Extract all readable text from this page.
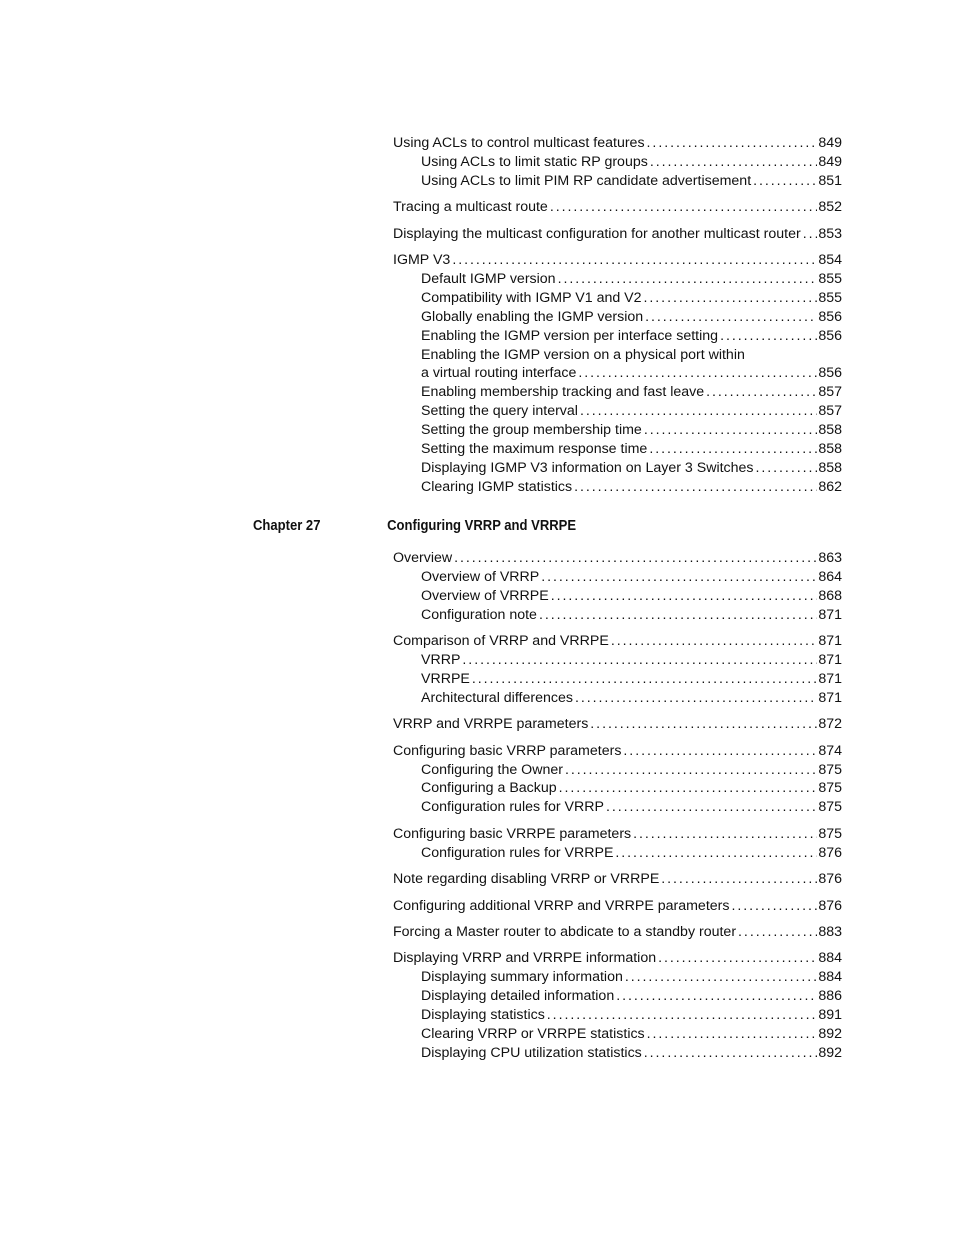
Using ACLs to control multicast features . . .	849
Using ACLs to limit static RP groups . . .	849
Using ACLs to limit PIM RP candidate advertisement . . .	851
Tracing a multicast route . . .	852
Displaying the multicast configuration for another multicast router . . . 853
IGMP V3 . . .	854
Default IGMP version . . .	855
Compatibility with IGMP V1 and V2 . . .	855
Globally enabling the IGMP version . . .	856
Enabling the IGMP version per interface setting . . .	856
Enabling the IGMP version on a physical port within
a virtual routing interface . . .	856
Enabling membership tracking and fast leave . . .	857
Setting the query interval . . .	857
Setting the group membership time . . .	858
Setting the maximum response time . . .	858
Displaying IGMP V3 information on Layer 3 Switches . . .	858
Clearing IGMP statistics . . .	862
Chapter 27	Configuring VRRP and VRRPE
Overview . . .	863
Overview of VRRP . . .	864
Overview of VRRPE . . .	868
Configuration note . . .	871
Comparison of VRRP and VRRPE . . .	871
VRRP . . .	871
VRRPE . . .	871
Architectural differences . . .	871
VRRP and VRRPE parameters . . .	872
Configuring basic VRRP parameters . . .	874
Configuring the Owner . . .	875
Configuring a Backup . . .	875
Configuration rules for VRRP . . .	875
Configuring basic VRRPE parameters . . .	875
Configuration rules for VRRPE . . .	876
Note regarding disabling VRRP or VRRPE . . .	876
Configuring additional VRRP and VRRPE parameters . . .	876
Forcing a Master router to abdicate to a standby router . . .	883
Displaying VRRP and VRRPE information . . .	884
Displaying summary information . . .	884
Displaying detailed information . . .	886
Displaying statistics . . .	891
Clearing VRRP or VRRPE statistics . . .	892
Displaying CPU utilization statistics . . .	892
